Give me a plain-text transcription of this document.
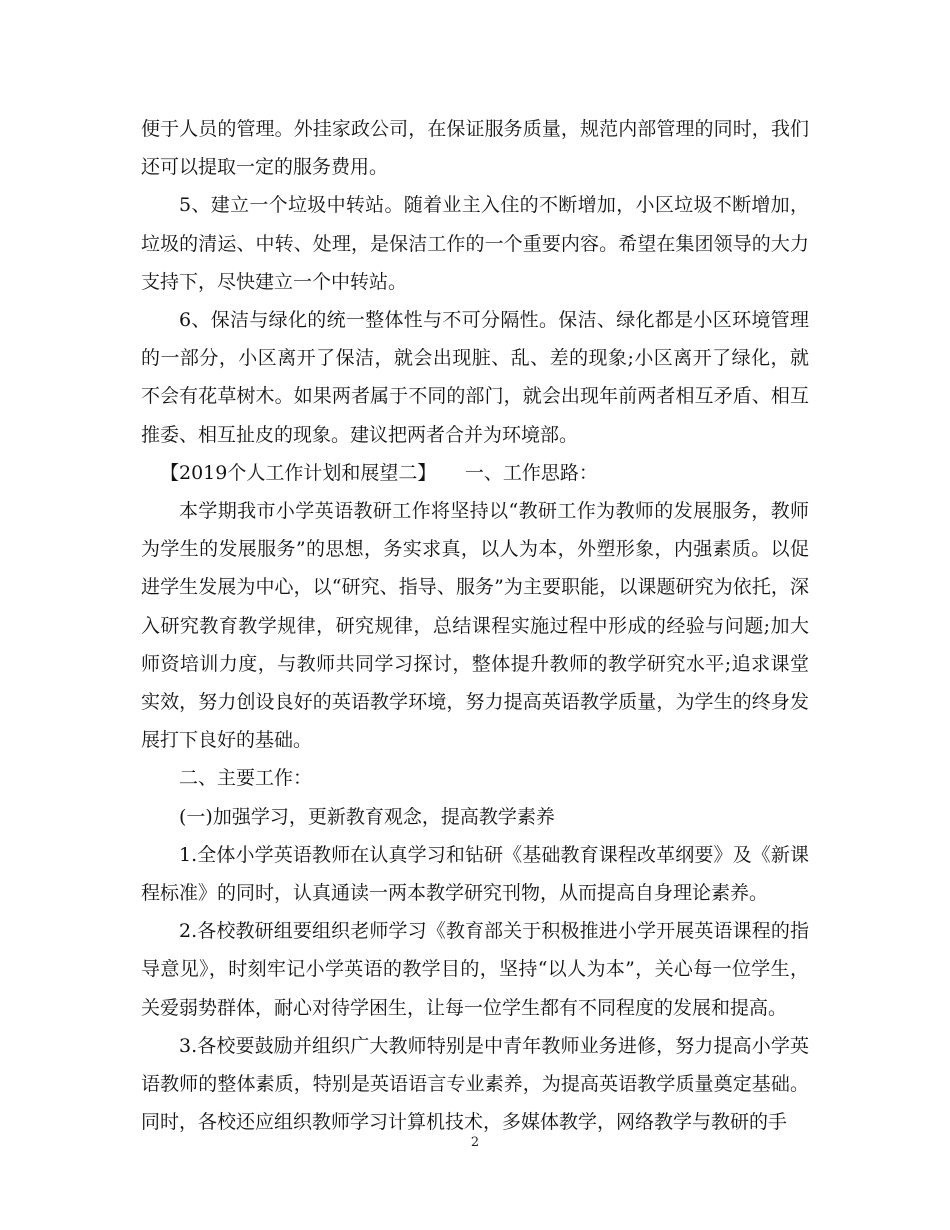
便于人员的管理。外挂家政公司，在保证服务质量，规范内部管理的同时，我们还可以提取一定的服务费用。

5、建立一个垃圾中转站。随着业主入住的不断增加，小区垃圾不断增加，垃圾的清运、中转、处理，是保洁工作的一个重要内容。希望在集团领导的大力支持下，尽快建立一个中转站。

6、保洁与绿化的统一整体性与不可分隔性。保洁、绿化都是小区环境管理的一部分，小区离开了保洁，就会出现脏、乱、差的现象;小区离开了绿化，就不会有花草树木。如果两者属于不同的部门，就会出现年前两者相互矛盾、相互推委、相互扯皮的现象。建议把两者合并为环境部。

【2019个人工作计划和展望二】　　一、工作思路：

本学期我市小学英语教研工作将坚持以“教研工作为教师的发展服务，教师为学生的发展服务”的思想，务实求真，以人为本，外塑形象，内强素质。以促进学生发展为中心，以“研究、指导、服务”为主要职能，以课题研究为依托，深入研究教育教学规律，研究规律，总结课程实施过程中形成的经验与问题;加大师资培训力度，与教师共同学习探讨，整体提升教师的教学研究水平;追求课堂实效，努力创设良好的英语教学环境，努力提高英语教学质量，为学生的终身发展打下良好的基础。

二、主要工作：

(一)加强学习，更新教育观念，提高教学素养

1.全体小学英语教师在认真学习和钻研《基础教育课程改革纲要》及《新课程标准》的同时，认真通读一两本教学研究刊物，从而提高自身理论素养。

2.各校教研组要组织老师学习《教育部关于积极推进小学开展英语课程的指导意见》，时刻牢记小学英语的教学目的，坚持“以人为本”，关心每一位学生，关爱弱势群体，耐心对待学困生，让每一位学生都有不同程度的发展和提高。

3.各校要鼓励并组织广大教师特别是中青年教师业务进修，努力提高小学英语教师的整体素质，特别是英语语言专业素养，为提高英语教学质量奠定基础。同时，各校还应组织教师学习计算机技术，多媒体教学，网络教学与教研的手

2
